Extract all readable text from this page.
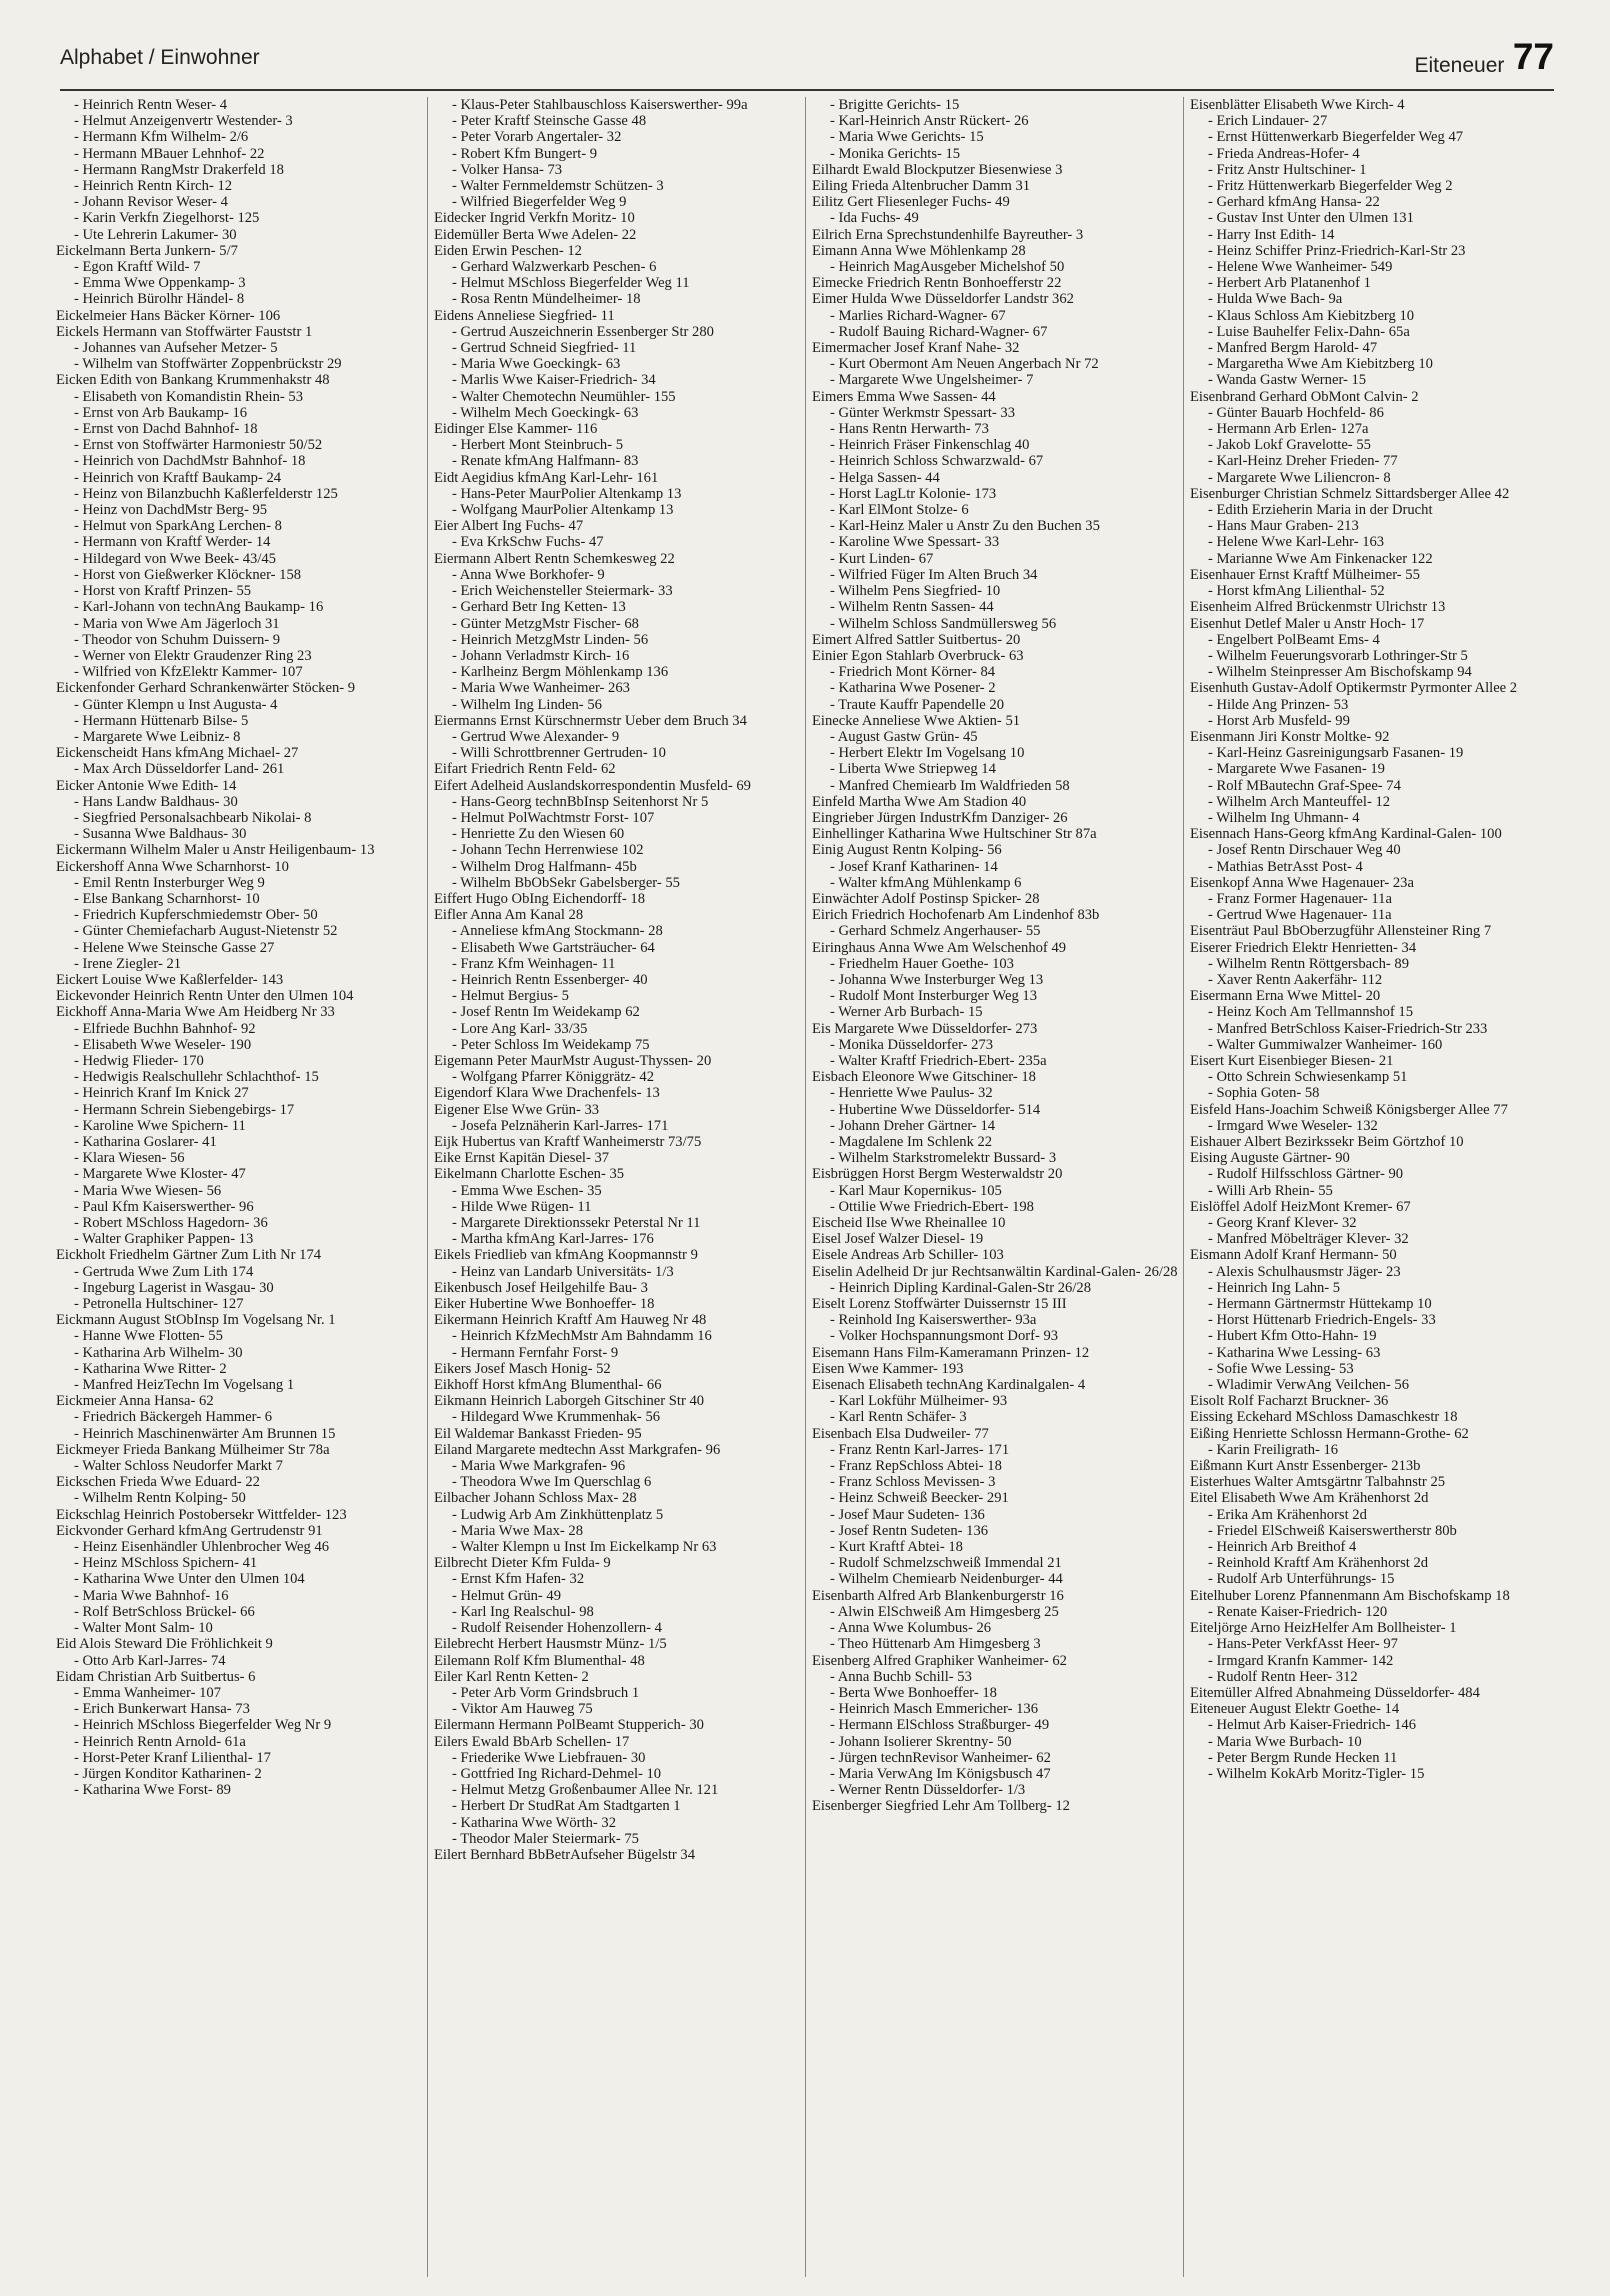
Alphabet / Einwohner	Eiteneuer 77
- Heinrich Rentn Weser- 4
- Helmut Anzeigenvertr Westender- 3
- Hermann Kfm Wilhelm- 2/6
- Hermann MBauer Lehnhof- 22
- Hermann RangMstr Drakerfeld 18
- Heinrich Rentn Kirch- 12
- Johann Revisor Weser- 4
- Karin Verkfn Ziegelhorst- 125
- Ute Lehrerin Lakumer- 30
Eickelmann Berta Junkern- 5/7
- Egon Kraftf Wild- 7
- Emma Wwe Oppenkamp- 3
- Heinrich Bürolhr Händel- 8
Eickelmeier Hans Bäcker Körner- 106
Eickels Hermann van Stoffwärter Fauststr 1
- Johannes van Aufseher Metzer- 5
- Wilhelm van Stoffwärter Zoppenbrückstr 29
Eicken Edith von Bankang Krummenhakstr 48
- Elisabeth von Komandistin Rhein- 53
- Ernst von Arb Baukamp- 16
- Ernst von Dachd Bahnhof- 18
- Ernst von Stoffwärter Harmoniestr 50/52
- Heinrich von DachdMstr Bahnhof- 18
- Heinrich von Kraftf Baukamp- 24
- Heinz von Bilanzbuchh Kaßlerfelderstr 125
- Heinz von DachdMstr Berg- 95
- Helmut von SparkAng Lerchen- 8
- Hermann von Kraftf Werder- 14
- Hildegard von Wwe Beek- 43/45
- Horst von Gießwerker Klöckner- 158
- Horst von Kraftf Prinzen- 55
- Karl-Johann von technAng Baukamp- 16
- Maria von Wwe Am Jägerloch 31
- Theodor von Schuhm Duissern- 9
- Werner von Elektr Graudenzer Ring 23
- Wilfried von KfzElektr Kammer- 107
Eickenfonder Gerhard Schrankenwärter Stöcken- 9
- Günter Klempn u Inst Augusta- 4
- Hermann Hüttenarb Bilse- 5
- Margarete Wwe Leibniz- 8
Eickenscheidt Hans kfmAng Michael- 27
- Max Arch Düsseldorfer Land- 261
Eicker Antonie Wwe Edith- 14
- Hans Landw Baldhaus- 30
- Siegfried Personalsachbearb Nikolai- 8
- Susanna Wwe Baldhaus- 30
Eickermann Wilhelm Maler u Anstr Heiligenbaum- 13
Eickershoff Anna Wwe Scharnhorst- 10
- Emil Rentn Insterburger Weg 9
- Else Bankang Scharnhorst- 10
- Friedrich Kupferschmiedemstr Ober- 50
- Günter Chemiefacharb August-Nietenstr 52
- Helene Wwe Steinsche Gasse 27
- Irene Ziegler- 21
Eickert Louise Wwe Kaßlerfelder- 143
Eickevonder Heinrich Rentn Unter den Ulmen 104
Eickhoff Anna-Maria Wwe Am Heidberg Nr 33
- Elfriede Buchhn Bahnhof- 92
- Elisabeth Wwe Weseler- 190
- Hedwig Flieder- 170
- Hedwigis Realschullehr Schlachthof- 15
- Heinrich Kranf Im Knick 27
- Hermann Schrein Siebengebirgs- 17
- Karoline Wwe Spichern- 11
- Katharina Goslarer- 41
- Klara Wiesen- 56
- Margarete Wwe Kloster- 47
- Maria Wwe Wiesen- 56
- Paul Kfm Kaiserswerther- 96
- Robert MSchloss Hagedorn- 36
- Walter Graphiker Pappen- 13
Eickholt Friedhelm Gärtner Zum Lith Nr 174
- Gertruda Wwe Zum Lith 174
- Ingeburg Lagerist in Wasgau- 30
- Petronella Hultschiner- 127
Eickmann August StObInsp Im Vogelsang Nr. 1
- Hanne Wwe Flotten- 55
- Katharina Arb Wilhelm- 30
- Katharina Wwe Ritter- 2
- Manfred HeizTechn Im Vogelsang 1
Eickmeier Anna Hansa- 62
- Friedrich Bäckergeh Hammer- 6
- Heinrich Maschinenwärter Am Brunnen 15
Eickmeyer Frieda Bankang Mülheimer Str 78a
- Walter Schloss Neudorfer Markt 7
Eickschen Frieda Wwe Eduard- 22
- Wilhelm Rentn Kolping- 50
Eickschlag Heinrich Postobersekr Wittfelder- 123
Eickvonder Gerhard kfmAng Gertrudenstr 91
- Heinz Eisenhändler Uhlenbrocher Weg 46
- Heinz MSchloss Spichern- 41
- Katharina Wwe Unter den Ulmen 104
- Maria Wwe Bahnhof- 16
- Rolf BetrSchloss Brückel- 66
- Walter Mont Salm- 10
Eid Alois Steward Die Fröhlichkeit 9
- Otto Arb Karl-Jarres- 74
Eidam Christian Arb Suitbertus- 6
- Emma Wanheimer- 107
- Erich Bunkerwart Hansa- 73
- Heinrich MSchloss Biegerfelder Weg Nr 9
- Heinrich Rentn Arnold- 61a
- Horst-Peter Kranf Lilienthal- 17
- Jürgen Konditor Katharinen- 2
- Katharina Wwe Forst- 89
- Klaus-Peter Stahlbauschloss Kaiserswerther- 99a
- Peter Kraftf Steinsche Gasse 48
- Peter Vorarb Angertaler- 32
- Robert Kfm Bungert- 9
- Volker Hansa- 73
- Walter Fernmeldemstr Schützen- 3
- Wilfried Biegerfelder Weg 9
Eidecker Ingrid Verkfn Moritz- 10
Eidemüller Berta Wwe Adelen- 22
Eiden Erwin Peschen- 12
- Gerhard Walzwerkarb Peschen- 6
- Helmut MSchloss Biegerfelder Weg 11
- Rosa Rentn Mündelheimer- 18
Eidens Anneliese Siegfried- 11
- Gertrud Auszeichnerin Essenberger Str 280
- Gertrud Schneid Siegfried- 11
- Maria Wwe Goeckingk- 63
- Marlis Wwe Kaiser-Friedrich- 34
- Walter Chemotechn Neumühler- 155
- Wilhelm Mech Goeckingk- 63
Eidinger Else Kammer- 116
- Herbert Mont Steinbruch- 5
- Renate kfmAng Halfmann- 83
Eidt Aegidius kfmAng Karl-Lehr- 161
- Hans-Peter MaurPolier Altenkamp 13
- Wolfgang MaurPolier Altenkamp 13
Eier Albert Ing Fuchs- 47
- Eva KrkSchw Fuchs- 47
Eiermann Albert Rentn Schemkesweg 22
- Anna Wwe Borkhofer- 9
- Erich Weichensteller Steiermark- 33
- Gerhard Betr Ing Ketten- 13
- Günter MetzgMstr Fischer- 68
- Heinrich MetzgMstr Linden- 56
- Johann Verladmstr Kirch- 16
- Karlheinz Bergm Möhlenkamp 136
- Maria Wwe Wanheimer- 263
- Wilhelm Ing Linden- 56
Eiermanns Ernst Kürschnermstr Ueber dem Bruch 34
- Gertrud Wwe Alexander- 9
- Willi Schrottbrenner Gertruden- 10
Eifart Friedrich Rentn Feld- 62
Eifert Adelheid Auslandskorrespondentin Musfeld- 69
- Hans-Georg technBbInsp Seitenhorst Nr 5
- Helmut PolWachtmstr Forst- 107
- Henriette Zu den Wiesen 60
- Johann Techn Herrenwiese 102
- Wilhelm Drog Halfmann- 45b
- Wilhelm BbObSekr Gabelsberger- 55
Eiffert Hugo ObIng Eichendorff- 18
Eifler Anna Am Kanal 28
- Anneliese kfmAng Stockmann- 28
- Elisabeth Wwe Gartsträucher- 64
- Franz Kfm Weinhagen- 11
- Heinrich Rentn Essenberger- 40
- Helmut Bergius- 5
- Josef Rentn Im Weidekamp 62
- Lore Ang Karl- 33/35
- Peter Schloss Im Weidekamp 75
Eigemann Peter MaurMstr August-Thyssen- 20
- Wolfgang Pfarrer Königgrätz- 42
Eigendorf Klara Wwe Drachenfels- 13
Eigener Else Wwe Grün- 33
- Josefa Pelznäherin Karl-Jarres- 171
Eijk Hubertus van Kraftf Wanheimerstr 73/75
Eike Ernst Kapitän Diesel- 37
Eikelmann Charlotte Eschen- 35
- Emma Wwe Eschen- 35
- Hilde Wwe Rügen- 11
- Margarete Direktionssekr Peterstal Nr 11
- Martha kfmAng Karl-Jarres- 176
Eikels Friedlieb van kfmAng Koopmannstr 9
- Heinz van Landarb Universitäts- 1/3
Eikenbusch Josef Heilgehilfe Bau- 3
Eiker Hubertine Wwe Bonhoeffer- 18
Eikermann Heinrich Kraftf Am Hauweg Nr 48
- Heinrich KfzMechMstr Am Bahndamm 16
- Hermann Fernfahr Forst- 9
Eikers Josef Masch Honig- 52
Eikhoff Horst kfmAng Blumenthal- 66
Eikmann Heinrich Laborgeh Gitschiner Str 40
- Hildegard Wwe Krummenhak- 56
Eil Waldemar Bankasst Frieden- 95
Eiland Margarete medtechn Asst Markgrafen- 96
- Maria Wwe Markgrafen- 96
- Theodora Wwe Im Querschlag 6
Eilbacher Johann Schloss Max- 28
- Ludwig Arb Am Zinkhüttenplatz 5
- Maria Wwe Max- 28
- Walter Klempn u Inst Im Eickelkamp Nr 63
Eilbrecht Dieter Kfm Fulda- 9
- Ernst Kfm Hafen- 32
- Helmut Grün- 49
- Karl Ing Realschul- 98
- Rudolf Reisender Hohenzollern- 4
Eilebrecht Herbert Hausmstr Münz- 1/5
Eilemann Rolf Kfm Blumenthal- 48
Eiler Karl Rentn Ketten- 2
- Peter Arb Vorm Grindsbruch 1
- Viktor Am Hauweg 75
Eilermann Hermann PolBeamt Stupperich- 30
Eilers Ewald BbArb Schellen- 17
- Friederike Wwe Liebfrauen- 30
- Gottfried Ing Richard-Dehmel- 10
- Helmut Metzg Großenbaumer Allee Nr. 121
- Herbert Dr StudRat Am Stadtgarten 1
- Katharina Wwe Wörth- 32
- Theodor Maler Steiermark- 75
Eilert Bernhard BbBetrAufseher Bügelstr 34
- Brigitte Gerichts- 15
- Karl-Heinrich Anstr Rückert- 26
- Maria Wwe Gerichts- 15
- Monika Gerichts- 15
Eilhardt Ewald Blockputzer Biesenwiese 3
Eiling Frieda Altenbrucher Damm 31
Eilitz Gert Fliesenleger Fuchs- 49
- Ida Fuchs- 49
Eilrich Erna Sprechstundenhilfe Bayreuther- 3
Eimann Anna Wwe Möhlenkamp 28
- Heinrich MagAusgeber Michelshof 50
Eimecke Friedrich Rentn Bonhoefferstr 22
Eimer Hulda Wwe Düsseldorfer Landstr 362
- Marlies Richard-Wagner- 67
- Rudolf Bauing Richard-Wagner- 67
Eimermacher Josef Kranf Nahe- 32
- Kurt Obermont Am Neuen Angerbach Nr 72
- Margarete Wwe Ungelsheimer- 7
Eimers Emma Wwe Sassen- 44
- Günter Werkmstr Spessart- 33
- Hans Rentn Herwarth- 73
- Heinrich Fräser Finkenschlag 40
- Heinrich Schloss Schwarzwald- 67
- Helga Sassen- 44
- Horst LagLtr Kolonie- 173
- Karl ElMont Stolze- 6
- Karl-Heinz Maler u Anstr Zu den Buchen 35
- Karoline Wwe Spessart- 33
- Kurt Linden- 67
- Wilfried Füger Im Alten Bruch 34
- Wilhelm Pens Siegfried- 10
- Wilhelm Rentn Sassen- 44
- Wilhelm Schloss Sandmüllersweg 56
Eimert Alfred Sattler Suitbertus- 20
Einier Egon Stahlarb Overbruck- 63
- Friedrich Mont Körner- 84
- Katharina Wwe Posener- 2
- Traute Kauffr Papendelle 20
Einecke Anneliese Wwe Aktien- 51
- August Gastw Grün- 45
- Herbert Elektr Im Vogelsang 10
- Liberta Wwe Striepweg 14
- Manfred Chemiearb Im Waldfrieden 58
Einfeld Martha Wwe Am Stadion 40
Eingrieber Jürgen IndustrKfm Danziger- 26
Einhellinger Katharina Wwe Hultschiner Str 87a
Einig August Rentn Kolping- 56
- Josef Kranf Katharinen- 14
- Walter kfmAng Mühlenkamp 6
Einwächter Adolf Postinsp Spicker- 28
Eirich Friedrich Hochofenarb Am Lindenhof 83b
- Gerhard Schmelz Angerhauser- 55
Eiringhaus Anna Wwe Am Welschenhof 49
- Friedhelm Hauer Goethe- 103
- Johanna Wwe Insterburger Weg 13
- Rudolf Mont Insterburger Weg 13
- Werner Arb Burbach- 15
Eis Margarete Wwe Düsseldorfer- 273
- Monika Düsseldorfer- 273
- Walter Kraftf Friedrich-Ebert- 235a
Eisbach Eleonore Wwe Gitschiner- 18
- Henriette Wwe Paulus- 32
- Hubertine Wwe Düsseldorfer- 514
- Johann Dreher Gärtner- 14
- Magdalene Im Schlenk 22
- Wilhelm Starkstromelektr Bussard- 3
Eisbrüggen Horst Bergm Westerwaldstr 20
- Karl Maur Kopernikus- 105
- Ottilie Wwe Friedrich-Ebert- 198
Eischeid Ilse Wwe Rheinallee 10
Eisel Josef Walzer Diesel- 19
Eisele Andreas Arb Schiller- 103
Eiselin Adelheid Dr jur Rechtsanwältin Kardinal-Galen- 26/28
- Heinrich Dipling Kardinal-Galen-Str 26/28
Eiselt Lorenz Stoffwärter Duissernstr 15 III
- Reinhold Ing Kaiserswerther- 93a
- Volker Hochspannungsmont Dorf- 93
Eisemann Hans Film-Kameramann Prinzen- 12
Eisen Wwe Kammer- 193
Eisenach Elisabeth technAng Kardinalgalen- 4
- Karl Lokführ Mülheimer- 93
- Karl Rentn Schäfer- 3
Eisenbach Elsa Dudweiler- 77
- Franz Rentn Karl-Jarres- 171
- Franz RepSchloss Abtei- 18
- Franz Schloss Mevissen- 3
- Heinz Schweiß Beecker- 291
- Josef Maur Sudeten- 136
- Josef Rentn Sudeten- 136
- Kurt Kraftf Abtei- 18
- Rudolf Schmelzschweiß Immendal 21
- Wilhelm Chemiearb Neidenburger- 44
Eisenbarth Alfred Arb Blankenburgerstr 16
- Alwin ElSchweiß Am Himgesberg 25
- Anna Wwe Kolumbus- 26
- Theo Hüttenarb Am Himgesberg 3
Eisenberg Alfred Graphiker Wanheimer- 62
- Anna Buchb Schill- 53
- Berta Wwe Bonhoeffer- 18
- Heinrich Masch Emmericher- 136
- Hermann ElSchloss Straßburger- 49
- Johann Isolierer Skrentny- 50
- Jürgen technRevisor Wanheimer- 62
- Maria VerwAng Im Königsbusch 47
- Werner Rentn Düsseldorfer- 1/3
Eisenberger Siegfried Lehr Am Tollberg- 12
Eisenblätter Elisabeth Wwe Kirch- 4
- Erich Lindauer- 27
- Ernst Hüttenwerkarb Biegerfelder Weg 47
- Frieda Andreas-Hofer- 4
- Fritz Anstr Hultschiner- 1
- Fritz Hüttenwerkarb Biegerfelder Weg 2
- Gerhard kfmAng Hansa- 22
- Gustav Inst Unter den Ulmen 131
- Harry Inst Edith- 14
- Heinz Schiffer Prinz-Friedrich-Karl-Str 23
- Helene Wwe Wanheimer- 549
- Herbert Arb Platanenhof 1
- Hulda Wwe Bach- 9a
- Klaus Schloss Am Kiebitzberg 10
- Luise Bauhelfer Felix-Dahn- 65a
- Manfred Bergm Harold- 47
- Margaretha Wwe Am Kiebitzberg 10
- Wanda Gastw Werner- 15
Eisenbrand Gerhard ObMont Calvin- 2
- Günter Bauarb Hochfeld- 86
- Hermann Arb Erlen- 127a
- Jakob Lokf Gravelotte- 55
- Karl-Heinz Dreher Frieden- 77
- Margarete Wwe Liliencron- 8
Eisenburger Christian Schmelz Sittardsberger Allee 42
- Edith Erzieherin Maria in der Drucht
- Hans Maur Graben- 213
- Helene Wwe Karl-Lehr- 163
- Marianne Wwe Am Finkenacker 122
Eisenhauer Ernst Kraftf Mülheimer- 55
- Horst kfmAng Lilienthal- 52
Eisenheim Alfred Brückenmstr Ulrichstr 13
Eisenhut Detlef Maler u Anstr Hoch- 17
- Engelbert PolBeamt Ems- 4
- Wilhelm Feuerungsvorarb Lothringer-Str 5
- Wilhelm Steinpresser Am Bischofskamp 94
Eisenhuth Gustav-Adolf Optikermstr Pyrmonter Allee 2
- Hilde Ang Prinzen- 53
- Horst Arb Musfeld- 99
Eisenmann Jiri Konstr Moltke- 92
- Karl-Heinz Gasreinigungsarb Fasanen- 19
- Margarete Wwe Fasanen- 19
- Rolf MBautechn Graf-Spee- 74
- Wilhelm Arch Manteuffel- 12
- Wilhelm Ing Uhmann- 4
Eisennach Hans-Georg kfmAng Kardinal-Galen- 100
- Josef Rentn Dirschauer Weg 40
- Mathias BetrAsst Post- 4
Eisenkopf Anna Wwe Hagenauer- 23a
- Franz Former Hagenauer- 11a
- Gertrud Wwe Hagenauer- 11a
Eisenträut Paul BbOberzugführ Allensteiner Ring 7
Eiserer Friedrich Elektr Henrietten- 34
- Wilhelm Rentn Röttgersbach- 89
- Xaver Rentn Aakerfähr- 112
Eisermann Erna Wwe Mittel- 20
- Heinz Koch Am Tellmannshof 15
- Manfred BetrSchloss Kaiser-Friedrich-Str 233
- Walter Gummiwalzer Wanheimer- 160
Eisert Kurt Eisenbieger Biesen- 21
- Otto Schrein Schwiesenkamp 51
- Sophia Goten- 58
Eisfeld Hans-Joachim Schweiß Königsberger Allee 77
- Irmgard Wwe Weseler- 132
Eishauer Albert Bezirkssekr Beim Görtzhof 10
Eising Auguste Gärtner- 90
- Rudolf Hilfsschloss Gärtner- 90
- Willi Arb Rhein- 55
Eislöffel Adolf HeizMont Kremer- 67
- Georg Kranf Klever- 32
- Manfred Möbelträger Klever- 32
Eismann Adolf Kranf Hermann- 50
- Alexis Schulhausmstr Jäger- 23
- Heinrich Ing Lahn- 5
- Hermann Gärtnermstr Hüttekamp 10
- Horst Hüttenarb Friedrich-Engels- 33
- Hubert Kfm Otto-Hahn- 19
- Katharina Wwe Lessing- 63
- Sofie Wwe Lessing- 53
- Wladimir VerwAng Veilchen- 56
Eisolt Rolf Facharzt Bruckner- 36
Eissing Eckehard MSchloss Damaschkestr 18
Eißing Henriette Schlossn Hermann-Grothe- 62
- Karin Freiligrath- 16
Eißmann Kurt Anstr Essenberger- 213b
Eisterhues Walter Amtsgärtnr Talbahnstr 25
Eitel Elisabeth Wwe Am Krähenhorst 2d
- Erika Am Krähenhorst 2d
- Friedel ElSchweiß Kaiserswertherstr 80b
- Heinrich Arb Breithof 4
- Reinhold Kraftf Am Krähenhorst 2d
- Rudolf Arb Unterführungs- 15
Eitelhuber Lorenz Pfannenmann Am Bischofskamp 18
- Renate Kaiser-Friedrich- 120
Eiteljörge Arno HeizHelfer Am Bollheister- 1
- Hans-Peter VerkfAsst Heer- 97
- Irmgard Kranfn Kammer- 142
- Rudolf Rentn Heer- 312
Eitemüller Alfred Abnahmeing Düsseldorfer- 484
Eiteneuer August Elektr Goethe- 14
- Helmut Arb Kaiser-Friedrich- 146
- Maria Wwe Burbach- 10
- Peter Bergm Runde Hecken 11
- Wilhelm KokArb Moritz-Tigler- 15
